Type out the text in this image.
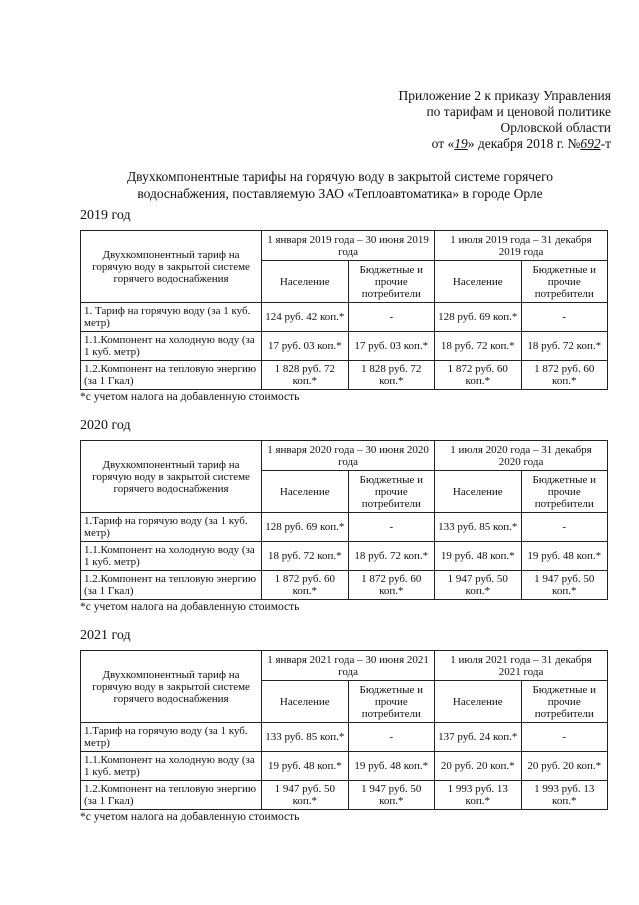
Приложение 2 к приказу Управления
по тарифам и ценовой политике
Орловской области
от «19» декабря 2018 г. №692-т
Двухкомпонентные тарифы на горячую воду в закрытой системе горячего
водоснабжения, поставляемую ЗАО «Теплоавтоматика» в городе Орле
2019 год
Двухкомпонентный тариф на горячую воду в закрытой системе горячего водоснабжения	1 января 2019 года – 30 июня 2019 года		1 июля 2019 года – 31 декабря 2019 года	
	Население	Бюджетные и прочие потребители	Население	Бюджетные и прочие потребители
1. Тариф на горячую воду (за 1 куб. метр)	124 руб. 42 коп.*	-	128 руб. 69 коп.*	-
1.1.Компонент на холодную воду (за 1 куб. метр)	17 руб. 03 коп.*	17 руб. 03 коп.*	18 руб. 72 коп.*	18 руб. 72 коп.*
1.2.Компонент на тепловую энергию (за 1 Гкал)	1 828 руб. 72 коп.*	1 828 руб. 72 коп.*	1 872 руб. 60 коп.*	1 872 руб. 60 коп.*
*с учетом налога на добавленную стоимость
2020 год
Двухкомпонентный тариф на горячую воду в закрытой системе горячего водоснабжения	1 января 2020 года – 30 июня 2020 года		1 июля 2020 года – 31 декабря 2020 года	
	Население	Бюджетные и прочие потребители	Население	Бюджетные и прочие потребители
1.Тариф на горячую воду (за 1 куб. метр)	128 руб. 69 коп.*	-	133 руб. 85 коп.*	-
1.1.Компонент на холодную воду (за 1 куб. метр)	18 руб. 72 коп.*	18 руб. 72 коп.*	19 руб. 48 коп.*	19 руб. 48 коп.*
1.2.Компонент на тепловую энергию (за 1 Гкал)	1 872 руб. 60 коп.*	1 872 руб. 60 коп.*	1 947 руб. 50 коп.*	1 947 руб. 50 коп.*
*с учетом налога на добавленную стоимость
2021 год
Двухкомпонентный тариф на горячую воду в закрытой системе горячего водоснабжения	1 января 2021 года – 30 июня 2021 года		1 июля 2021 года – 31 декабря 2021 года	
	Население	Бюджетные и прочие потребители	Население	Бюджетные и прочие потребители
1.Тариф на горячую воду (за 1 куб. метр)	133 руб. 85 коп.*	-	137 руб. 24 коп.*	-
1.1.Компонент на холодную воду (за 1 куб. метр)	19 руб. 48 коп.*	19 руб. 48 коп.*	20 руб. 20 коп.*	20 руб. 20 коп.*
1.2.Компонент на тепловую энергию (за 1 Гкал)	1 947 руб. 50 коп.*	1 947 руб. 50 коп.*	1 993 руб. 13 коп.*	1 993 руб. 13 коп.*
*с учетом налога на добавленную стоимость
